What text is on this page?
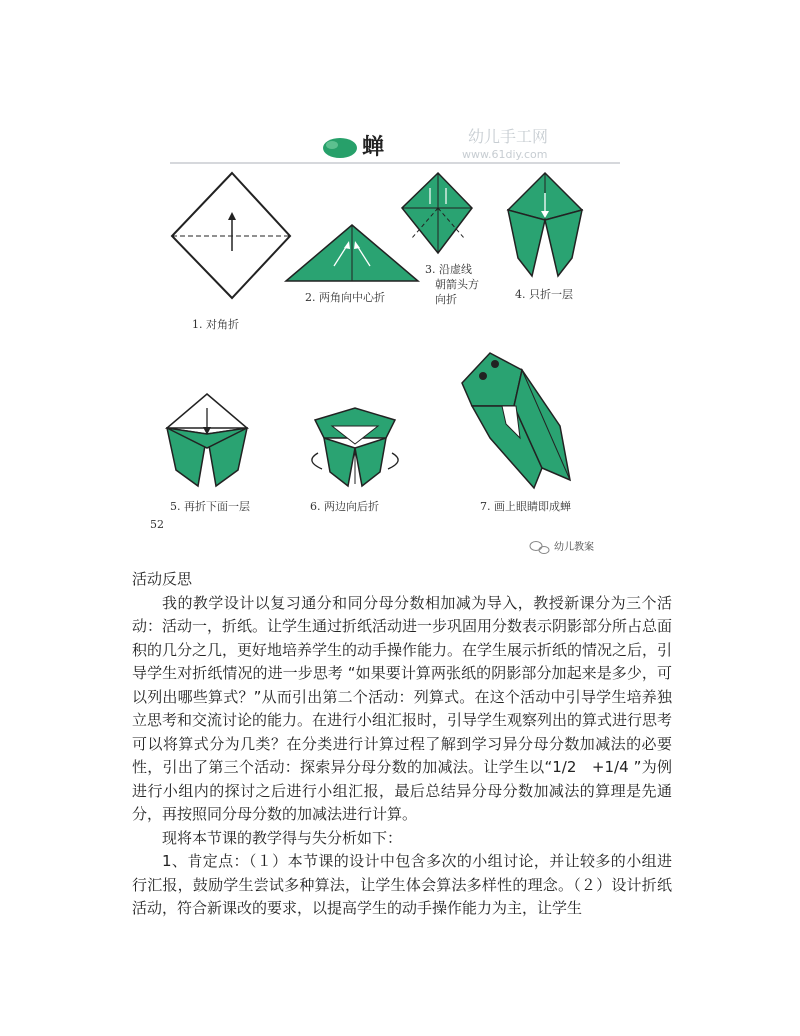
蝉	幼儿手工网
www.61diy.com
1. 对角折
2. 两角向中心折
3. 沿虚线
朝箭头方
向折	4. 只折一层
5. 再折下面一层
52
6. 两边向后折	7. 画上眼睛即成蝉
幼儿教案

活动反思

我的教学设计以复习通分和同分母分数相加减为导入，教授新课分为三个活动：活动一，折纸。让学生通过折纸活动进一步巩固用分数表示阴影部分所占总面积的几分之几，更好地培养学生的动手操作能力。在学生展示折纸的情况之后，引导学生对折纸情况的进一步思考 “如果要计算两张纸的阴影部分加起来是多少，可以列出哪些算式？”从而引出第二个活动：列算式。在这个活动中引导学生培养独立思考和交流讨论的能力。在进行小组汇报时，引导学生观察列出的算式进行思考可以将算式分为几类？在分类进行计算过程了解到学习异分母分数加减法的必要性，引出了第三个活动：探索异分母分数的加减法。让学生以“1/2　+1/4 ”为例进行小组内的探讨之后进行小组汇报，最后总结异分母分数加减法的算理是先通分，再按照同分母分数的加减法进行计算。

现将本节课的教学得与失分析如下：

1、肯定点：（１）本节课的设计中包含多次的小组讨论，并让较多的小组进行汇报，鼓励学生尝试多种算法，让学生体会算法多样性的理念。（２）设计折纸活动，符合新课改的要求，以提高学生的动手操作能力为主，让学生
